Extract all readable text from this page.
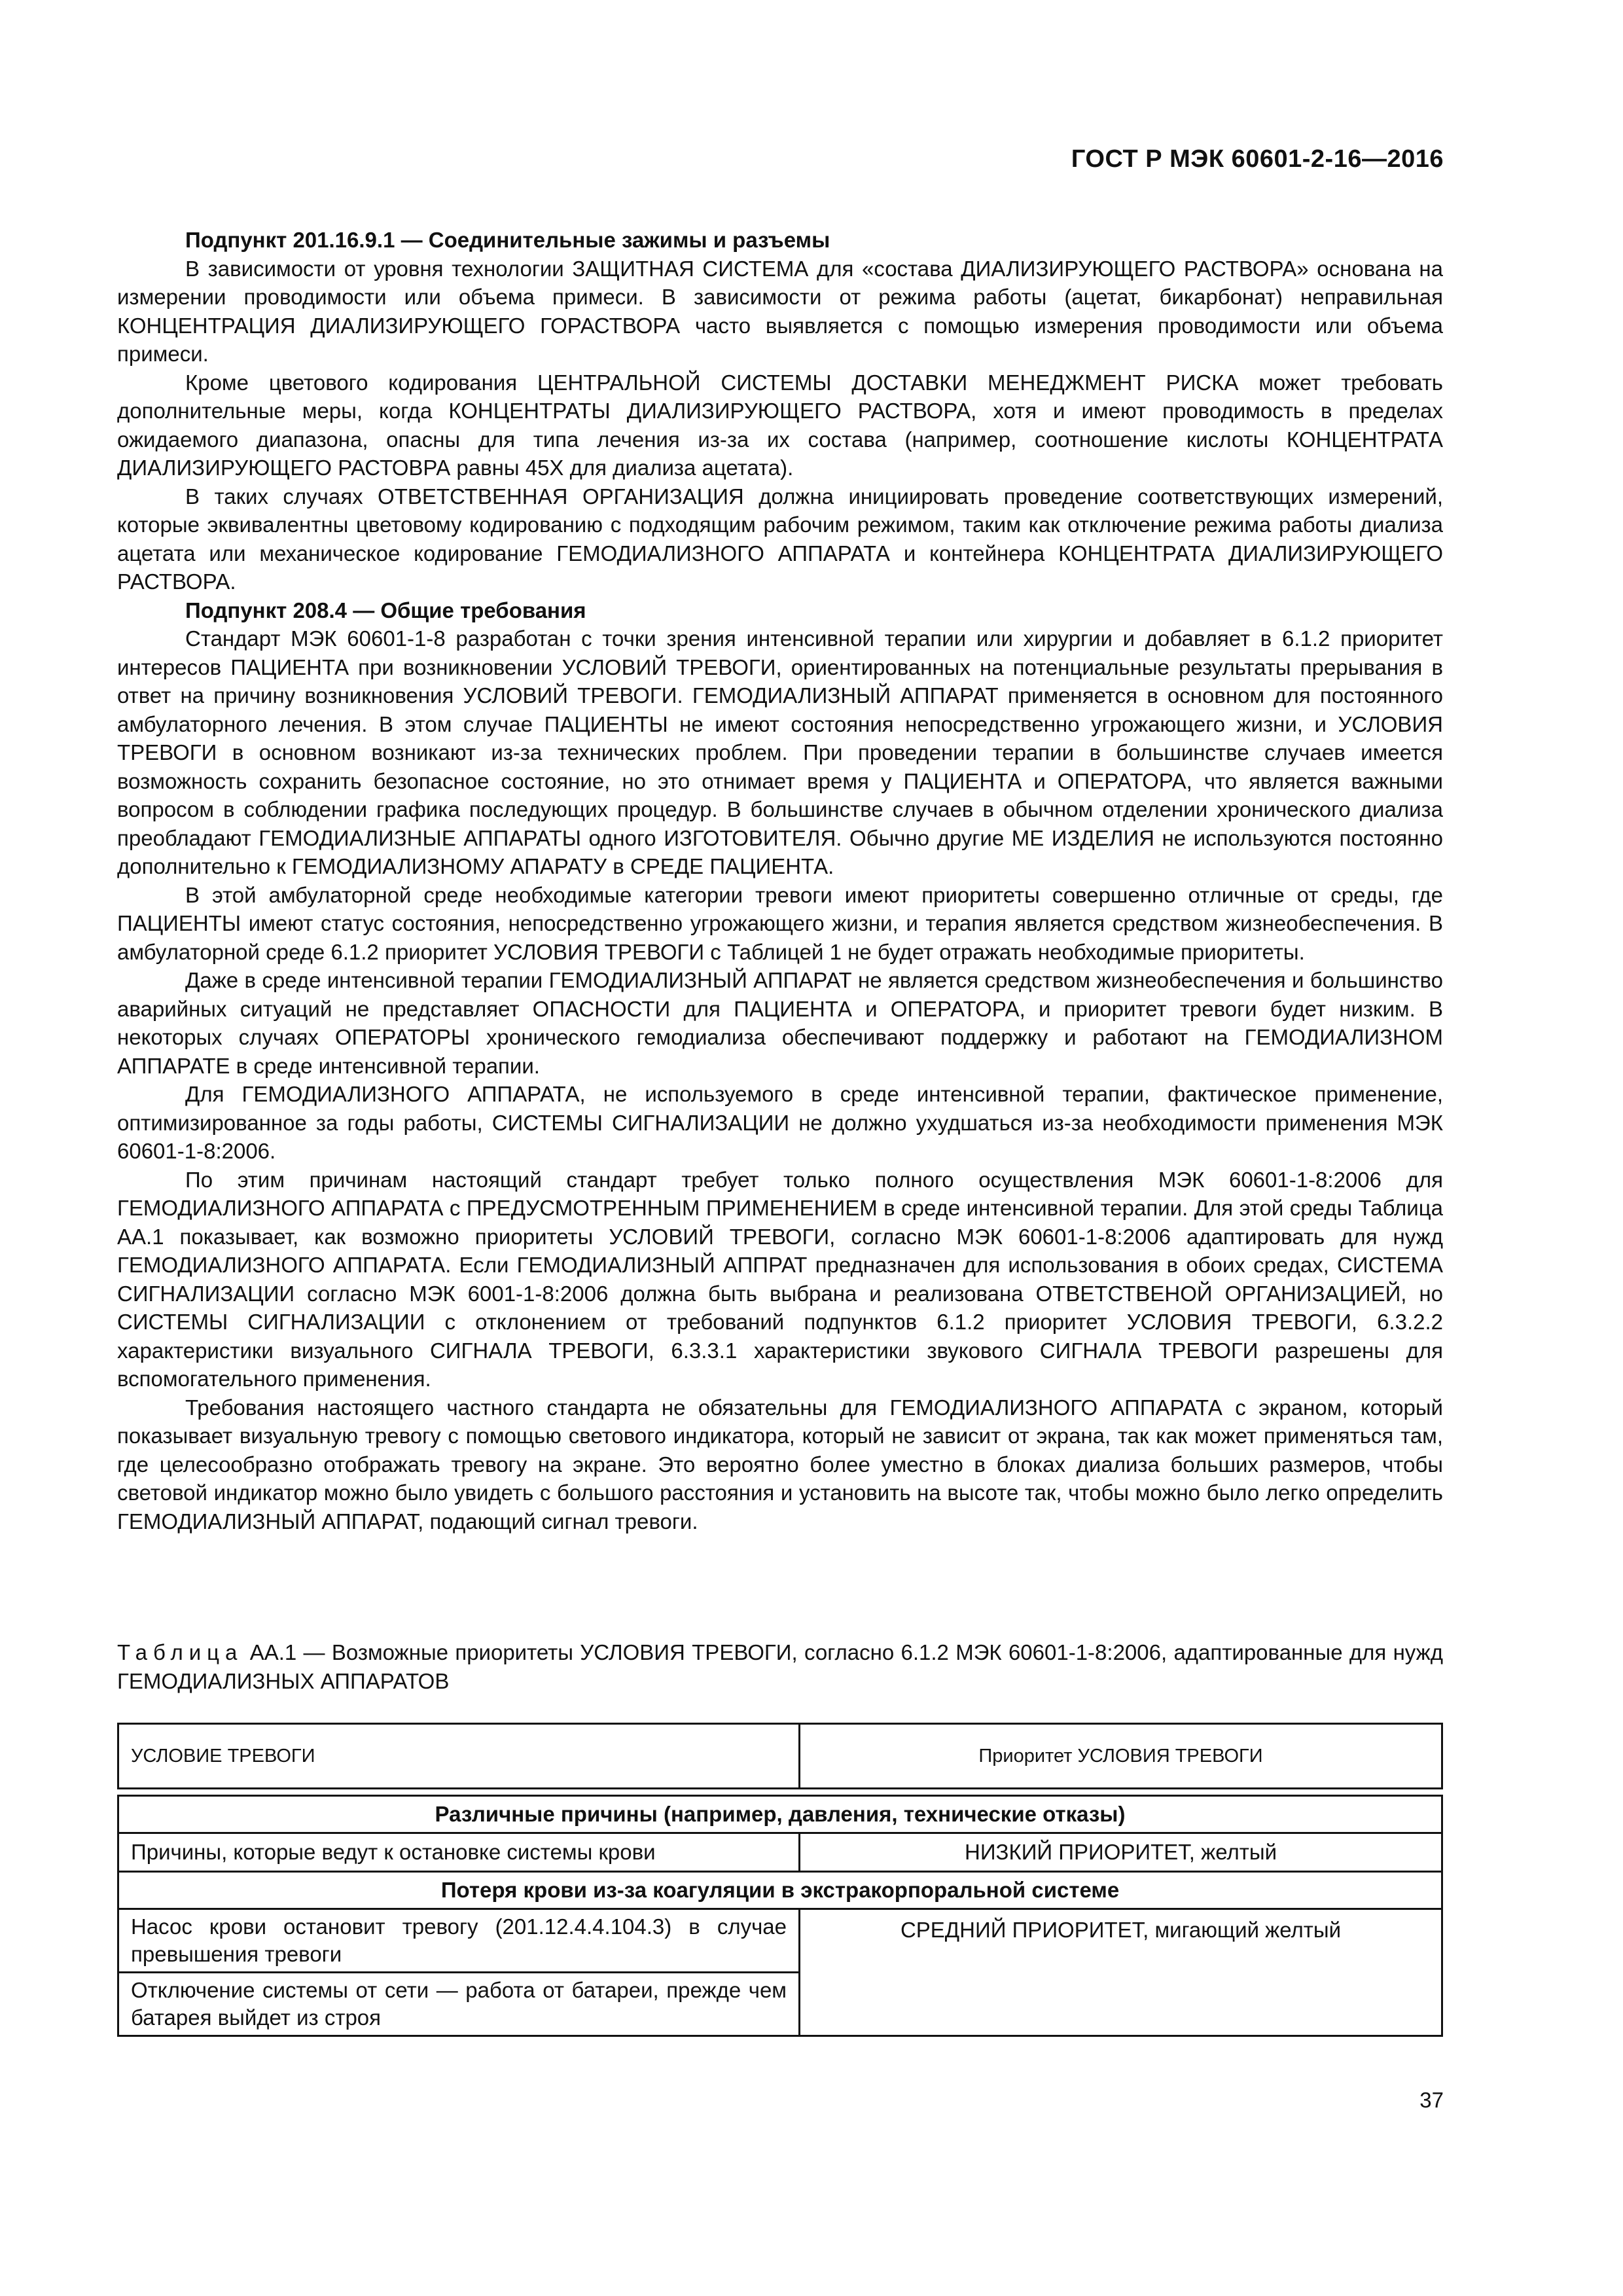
ГОСТ Р МЭК 60601-2-16—2016
Подпункт 201.16.9.1 — Соединительные зажимы и разъемы

В зависимости от уровня технологии ЗАЩИТНАЯ СИСТЕМА для «состава ДИАЛИЗИРУЮЩЕГО РАСТВОРА» основана на измерении проводимости или объема примеси. В зависимости от режима работы (ацетат, бикарбонат) неправильная КОНЦЕНТРАЦИЯ ДИАЛИЗИРУЮЩЕГО ГОРАСТВОРА часто выявляется с помощью измерения проводимости или объема примеси.

Кроме цветового кодирования ЦЕНТРАЛЬНОЙ СИСТЕМЫ ДОСТАВКИ МЕНЕДЖМЕНТ РИСКА может требовать дополнительные меры, когда КОНЦЕНТРАТЫ ДИАЛИЗИРУЮЩЕГО РАСТВОРА, хотя и имеют проводимость в пределах ожидаемого диапазона, опасны для типа лечения из-за их состава (например, соотношение кислоты КОНЦЕНТРАТА ДИАЛИЗИРУЮЩЕГО РАСТОВРА равны 45Х для диализа ацетата).

В таких случаях ОТВЕТСТВЕННАЯ ОРГАНИЗАЦИЯ должна инициировать проведение соответствующих измерений, которые эквивалентны цветовому кодированию с подходящим рабочим режимом, таким как отключение режима работы диализа ацетата или механическое кодирование ГЕМОДИАЛИЗНОГО АППАРАТА и контейнера КОНЦЕНТРАТА ДИАЛИЗИРУЮЩЕГО РАСТВОРА.

Подпункт 208.4 — Общие требования

Стандарт МЭК 60601-1-8 разработан с точки зрения интенсивной терапии или хирургии и добавляет в 6.1.2 приоритет интересов ПАЦИЕНТА при возникновении УСЛОВИЙ ТРЕВОГИ, ориентированных на потенциальные результаты прерывания в ответ на причину возникновения УСЛОВИЙ ТРЕВОГИ. ГЕМОДИАЛИЗНЫЙ АППАРАТ применяется в основном для постоянного амбулаторного лечения. В этом случае ПАЦИЕНТЫ не имеют состояния непосредственно угрожающего жизни, и УСЛОВИЯ ТРЕВОГИ в основном возникают из-за технических проблем. При проведении терапии в большинстве случаев имеется возможность сохранить безопасное состояние, но это отнимает время у ПАЦИЕНТА и ОПЕРАТОРА, что является важными вопросом в соблюдении графика последующих процедур. В большинстве случаев в обычном отделении хронического диализа преобладают ГЕМОДИАЛИЗНЫЕ АППАРАТЫ одного ИЗГОТОВИТЕЛЯ. Обычно другие МЕ ИЗДЕЛИЯ не используются постоянно дополнительно к ГЕМОДИАЛИЗНОМУ АПАРАТУ в СРЕДЕ ПАЦИЕНТА.

В этой амбулаторной среде необходимые категории тревоги имеют приоритеты совершенно отличные от среды, где ПАЦИЕНТЫ имеют статус состояния, непосредственно угрожающего жизни, и терапия является средством жизнеобеспечения. В амбулаторной среде 6.1.2 приоритет УСЛОВИЯ ТРЕВОГИ с Таблицей 1 не будет отражать необходимые приоритеты.

Даже в среде интенсивной терапии ГЕМОДИАЛИЗНЫЙ АППАРАТ не является средством жизнеобеспечения и большинство аварийных ситуаций не представляет ОПАСНОСТИ для ПАЦИЕНТА и ОПЕРАТОРА, и приоритет тревоги будет низким. В некоторых случаях ОПЕРАТОРЫ хронического гемодиализа обеспечивают поддержку и работают на ГЕМОДИАЛИЗНОМ АППАРАТЕ в среде интенсивной терапии.

Для ГЕМОДИАЛИЗНОГО АППАРАТА, не используемого в среде интенсивной терапии, фактическое применение, оптимизированное за годы работы, СИСТЕМЫ СИГНАЛИЗАЦИИ не должно ухудшаться из-за необходимости применения МЭК 60601-1-8:2006.

По этим причинам настоящий стандарт требует только полного осуществления МЭК 60601-1-8:2006 для ГЕМОДИАЛИЗНОГО АППАРАТА с ПРЕДУСМОТРЕННЫМ ПРИМЕНЕНИЕМ в среде интенсивной терапии. Для этой среды Таблица АА.1 показывает, как возможно приоритеты УСЛОВИЙ ТРЕВОГИ, согласно МЭК 60601-1-8:2006 адаптировать для нужд ГЕМОДИАЛИЗНОГО АППАРАТА. Если ГЕМОДИАЛИЗНЫЙ АППРАТ предназначен для использования в обоих средах, СИСТЕМА СИГНАЛИЗАЦИИ согласно МЭК 6001-1-8:2006 должна быть выбрана и реализована ОТВЕТСТВЕНОЙ ОРГАНИЗАЦИЕЙ, но СИСТЕМЫ СИГНАЛИЗАЦИИ с отклонением от требований подпунктов 6.1.2 приоритет УСЛОВИЯ ТРЕВОГИ, 6.3.2.2 характеристики визуального СИГНАЛА ТРЕВОГИ, 6.3.3.1 характеристики звукового СИГНАЛА ТРЕВОГИ разрешены для вспомогательного применения.

Требования настоящего частного стандарта не обязательны для ГЕМОДИАЛИЗНОГО АППАРАТА с экраном, который показывает визуальную тревогу с помощью светового индикатора, который не зависит от экрана, так как может применяться там, где целесообразно отображать тревогу на экране. Это вероятно более уместно в блоках диализа больших размеров, чтобы световой индикатор можно было увидеть с большого расстояния и установить на высоте так, чтобы можно было легко определить ГЕМОДИАЛИЗНЫЙ АППАРАТ, подающий сигнал тревоги.

Таблица АА.1 — Возможные приоритеты УСЛОВИЯ ТРЕВОГИ, согласно 6.1.2 МЭК 60601-1-8:2006, адаптированные для нужд ГЕМОДИАЛИЗНЫХ АППАРАТОВ
УСЛОВИЕ ТРЕВОГИ	Приоритет УСЛОВИЯ ТРЕВОГИ

Различные причины (например, давления, технические отказы)	
Причины, которые ведут к остановке системы крови	НИЗКИЙ ПРИОРИТЕТ, желтый
Потеря крови из-за коагуляции в экстракорпоральной системе	
Насос крови остановит тревогу (201.12.4.4.104.3) в случае превышения тревоги	СРЕДНИЙ ПРИОРИТЕТ, мигающий желтый
Отключение системы от сети — работа от батареи, прежде чем батарея выйдет из строя	
37
